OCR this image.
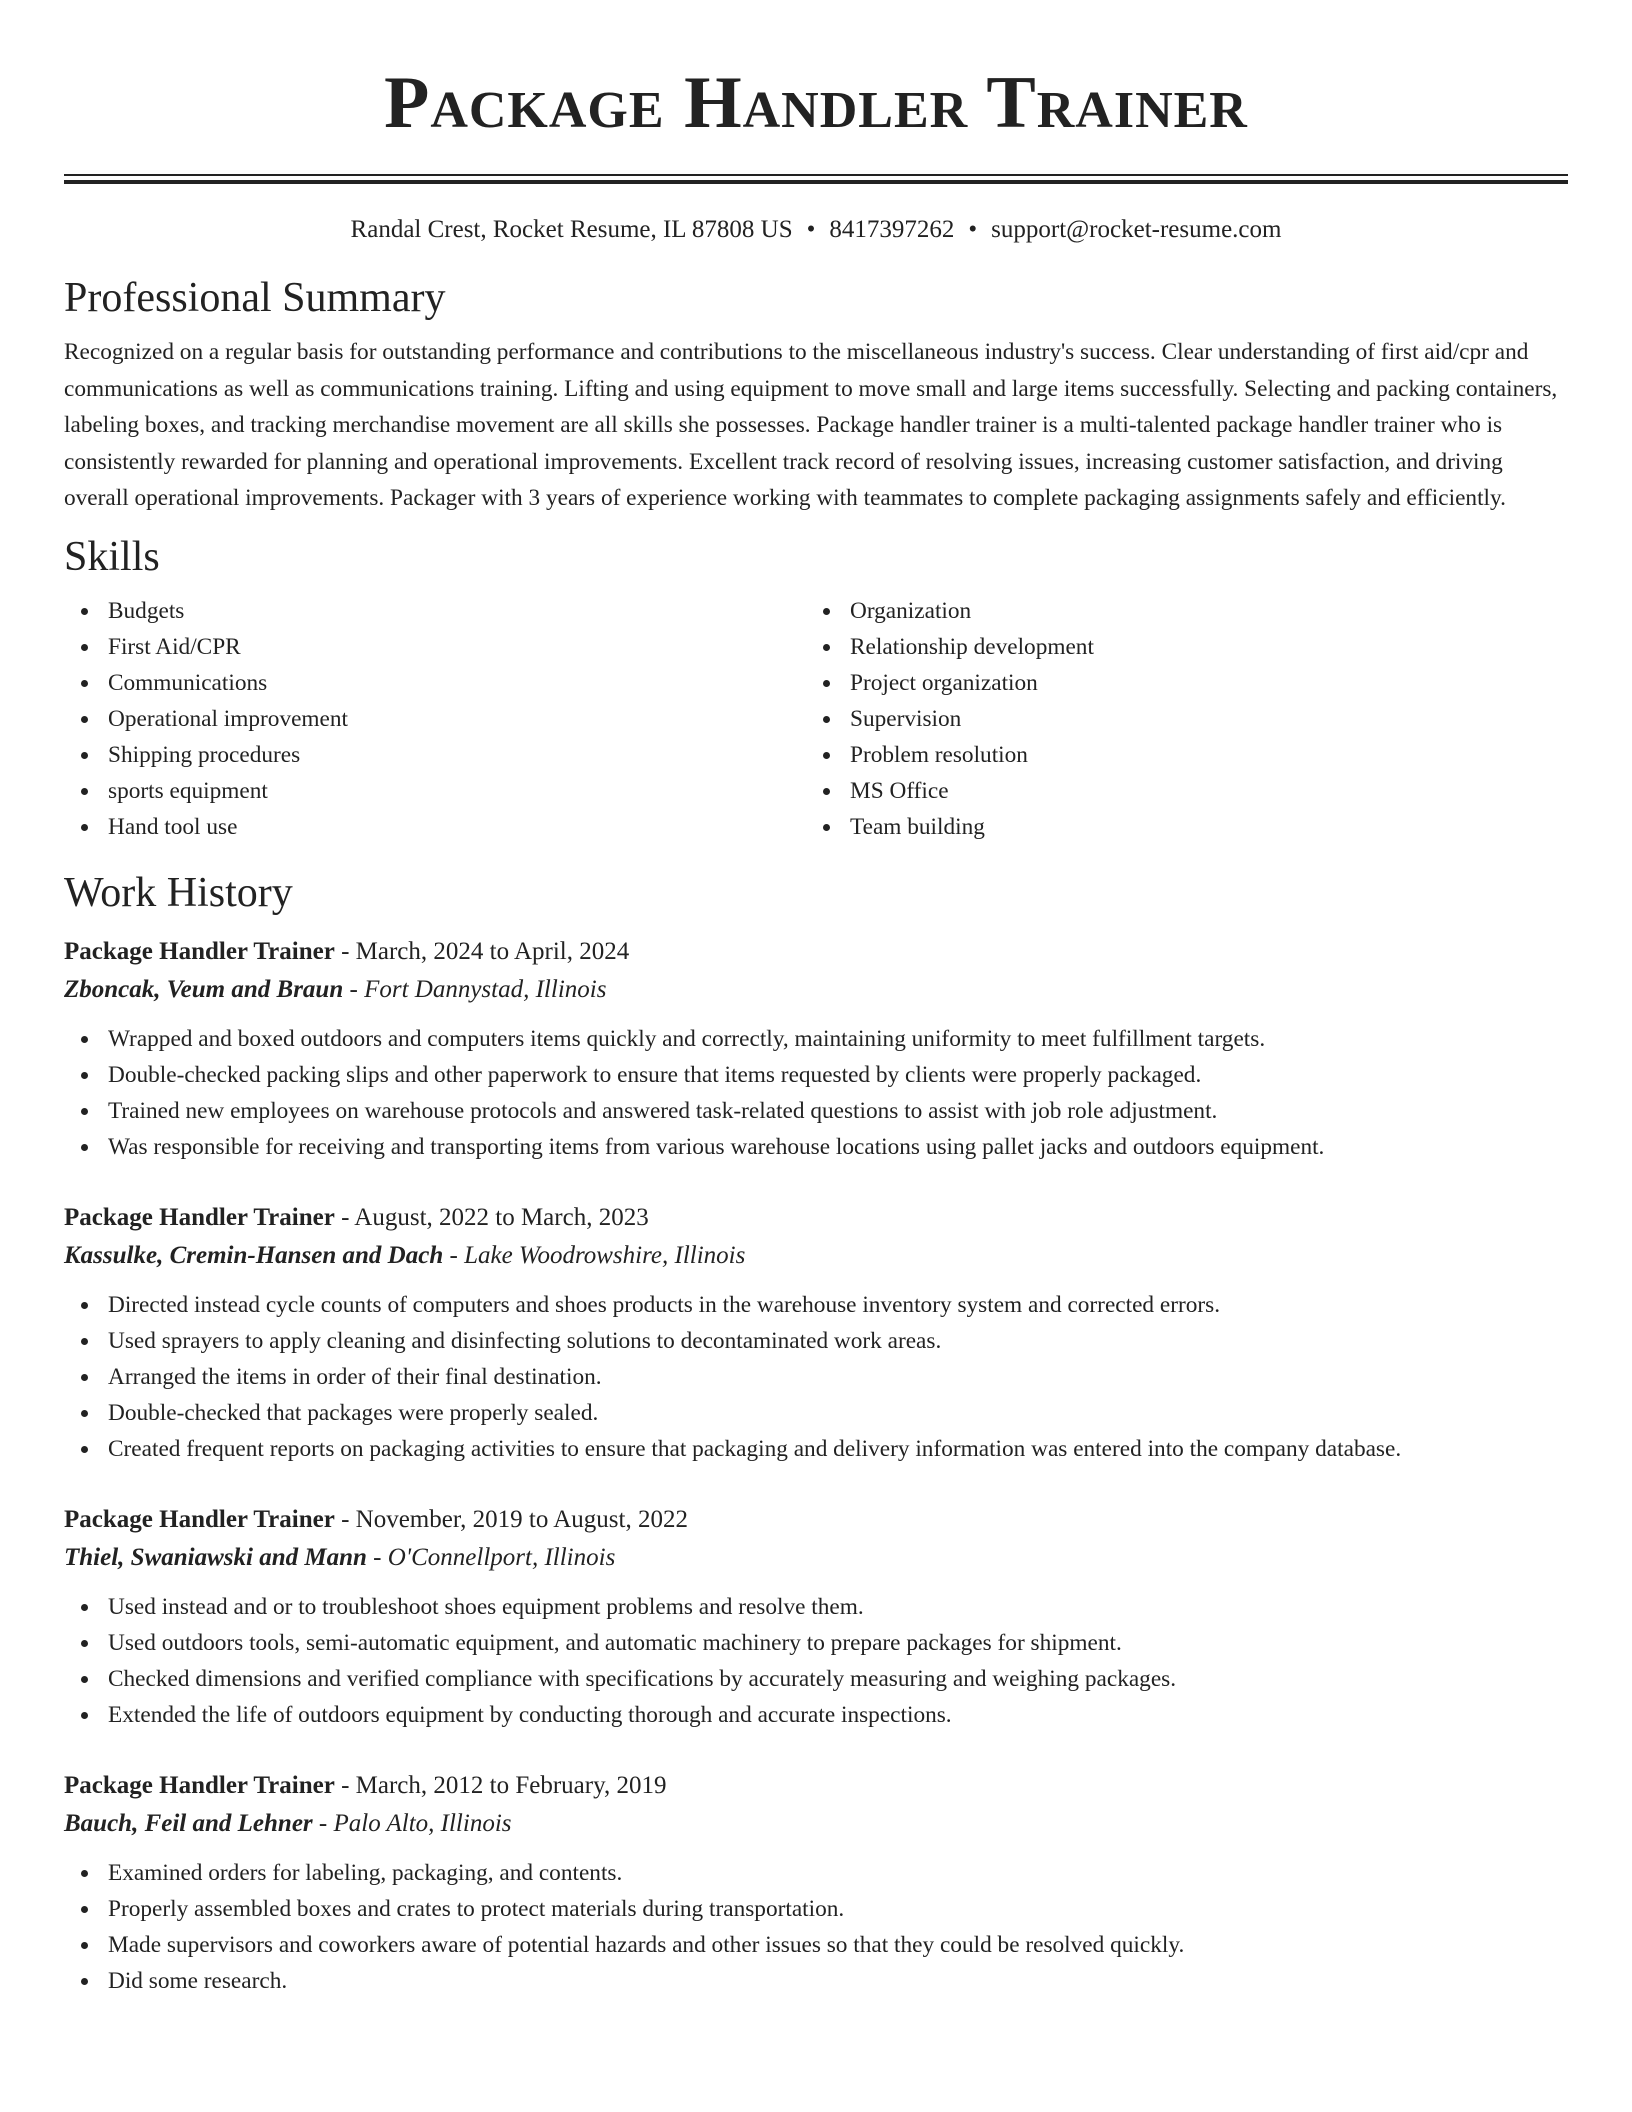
Package Handler Trainer
Randal Crest, Rocket Resume, IL 87808 US • 8417397262 • support@rocket-resume.com
Professional Summary

Recognized on a regular basis for outstanding performance and contributions to the miscellaneous industry's success. Clear understanding of first aid/cpr and communications as well as communications training. Lifting and using equipment to move small and large items successfully. Selecting and packing containers, labeling boxes, and tracking merchandise movement are all skills she possesses. Package handler trainer is a multi-talented package handler trainer who is consistently rewarded for planning and operational improvements. Excellent track record of resolving issues, increasing customer satisfaction, and driving overall operational improvements. Packager with 3 years of experience working with teammates to complete packaging assignments safely and efficiently.

Skills
Budgets
First Aid/CPR
Communications
Operational improvement
Shipping procedures
sports equipment
Hand tool use
Organization
Relationship development
Project organization
Supervision
Problem resolution
MS Office
Team building
Work History
Package Handler Trainer - March, 2024 to April, 2024
Zboncak, Veum and Braun - Fort Dannystad, Illinois
Wrapped and boxed outdoors and computers items quickly and correctly, maintaining uniformity to meet fulfillment targets.
Double-checked packing slips and other paperwork to ensure that items requested by clients were properly packaged.
Trained new employees on warehouse protocols and answered task-related questions to assist with job role adjustment.
Was responsible for receiving and transporting items from various warehouse locations using pallet jacks and outdoors equipment.
Package Handler Trainer - August, 2022 to March, 2023
Kassulke, Cremin-Hansen and Dach - Lake Woodrowshire, Illinois
Directed instead cycle counts of computers and shoes products in the warehouse inventory system and corrected errors.
Used sprayers to apply cleaning and disinfecting solutions to decontaminated work areas.
Arranged the items in order of their final destination.
Double-checked that packages were properly sealed.
Created frequent reports on packaging activities to ensure that packaging and delivery information was entered into the company database.
Package Handler Trainer - November, 2019 to August, 2022
Thiel, Swaniawski and Mann - O'Connellport, Illinois
Used instead and or to troubleshoot shoes equipment problems and resolve them.
Used outdoors tools, semi-automatic equipment, and automatic machinery to prepare packages for shipment.
Checked dimensions and verified compliance with specifications by accurately measuring and weighing packages.
Extended the life of outdoors equipment by conducting thorough and accurate inspections.
Package Handler Trainer - March, 2012 to February, 2019
Bauch, Feil and Lehner - Palo Alto, Illinois
Examined orders for labeling, packaging, and contents.
Properly assembled boxes and crates to protect materials during transportation.
Made supervisors and coworkers aware of potential hazards and other issues so that they could be resolved quickly.
Did some research.
